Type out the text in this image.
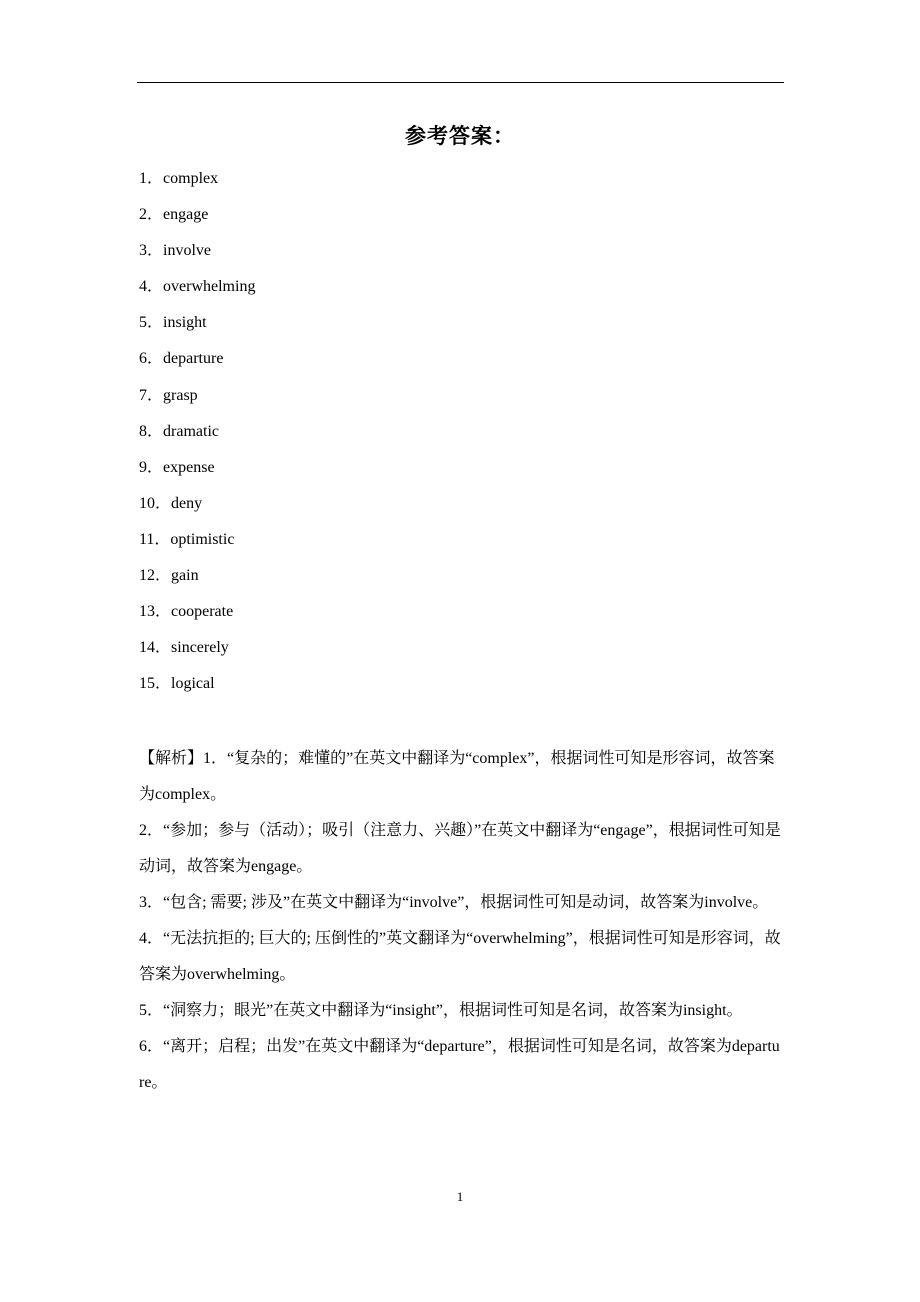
参考答案：
1．complex
2．engage
3．involve
4．overwhelming
5．insight
6．departure
7．grasp
8．dramatic
9．expense
10．deny
11．optimistic
12．gain
13．cooperate
14．sincerely
15．logical

【解析】1．“复杂的；难懂的”在英文中翻译为“complex”，根据词性可知是形容词，故答案为complex。

2．“参加；参与（活动）；吸引（注意力、兴趣）”在英文中翻译为“engage”，根据词性可知是动词，故答案为engage。

3．“包含; 需要; 涉及”在英文中翻译为“involve”，根据词性可知是动词，故答案为involve。

4．“无法抗拒的; 巨大的; 压倒性的”英文翻译为“overwhelming”，根据词性可知是形容词，故答案为overwhelming。

5．“洞察力；眼光”在英文中翻译为“insight”，根据词性可知是名词，故答案为insight。

6．“离开；启程；出发”在英文中翻译为“departure”，根据词性可知是名词，故答案为departure。

1
